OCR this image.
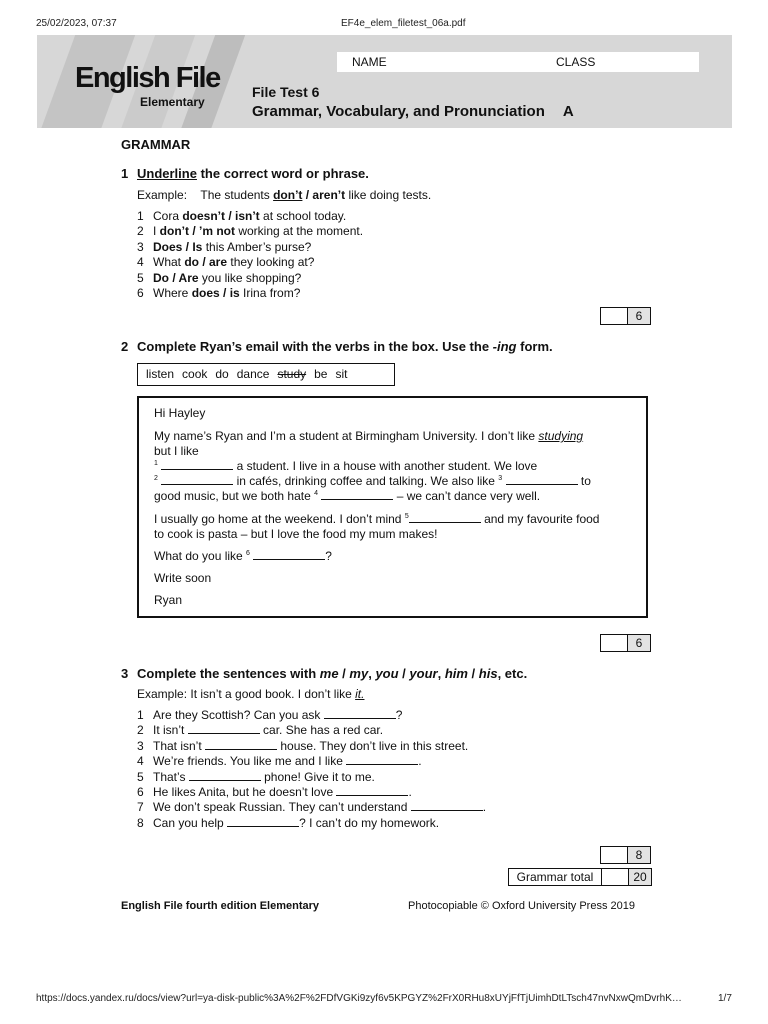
25/02/2023, 07:37	EF4e_elem_filetest_06a.pdf
English File
Elementary
NAME	CLASS
File Test 6
Grammar, Vocabulary, and Pronunciation A
GRAMMAR
1 Underline the correct word or phrase.
Example: The students don’t / aren’t like doing tests.
1 Cora doesn’t / isn’t at school today.
2 I don’t / ’m not working at the moment.
3 Does / Is this Amber’s purse?
4 What do / are they looking at?
5 Do / Are you like shopping?
6 Where does / is Irina from?
6
2 Complete Ryan’s email with the verbs in the box. Use the -ing form.
listen cook do dance study be sit
Hi Hayley
My name’s Ryan and I’m a student at Birmingham University. I don’t like studying
but I like
$^1$	a student. I live in a house with another student. We love
$^2$	in cafés, drinking coffee and talking. We also like $^3$	to
good music, but we both hate $^4$	– we can’t dance very well.
I usually go home at the weekend. I don’t mind $^5$	and my favourite food
to cook is pasta – but I love the food my mum makes!
What do you like $^6$	?
Write soon
Ryan
6
3 Complete the sentences with me / my, you / your, him / his, etc.
Example: It isn’t a good book. I don’t like it.
1 Are they Scottish? Can you ask	?
2 It isn’t	car. She has a red car.
3 That isn’t	house. They don’t live in this street.
4 We’re friends. You like me and I like	.
5 That’s	phone! Give it to me.
6 He likes Anita, but he doesn’t love	.
7 We don’t speak Russian. They can’t understand	.
8 Can you help	? I can’t do my homework.
8
Grammar total	20
English File fourth edition Elementary	Photocopiable © Oxford University Press 2019
https://docs.yandex.ru/docs/view?url=ya-disk-public%3A%2F%2FDfVGKi9zyf6v5KPGYZ%2FrX0RHu8xUYjFfTjUimhDtLTsch47nvNxwQmDvrhK…	1/7
